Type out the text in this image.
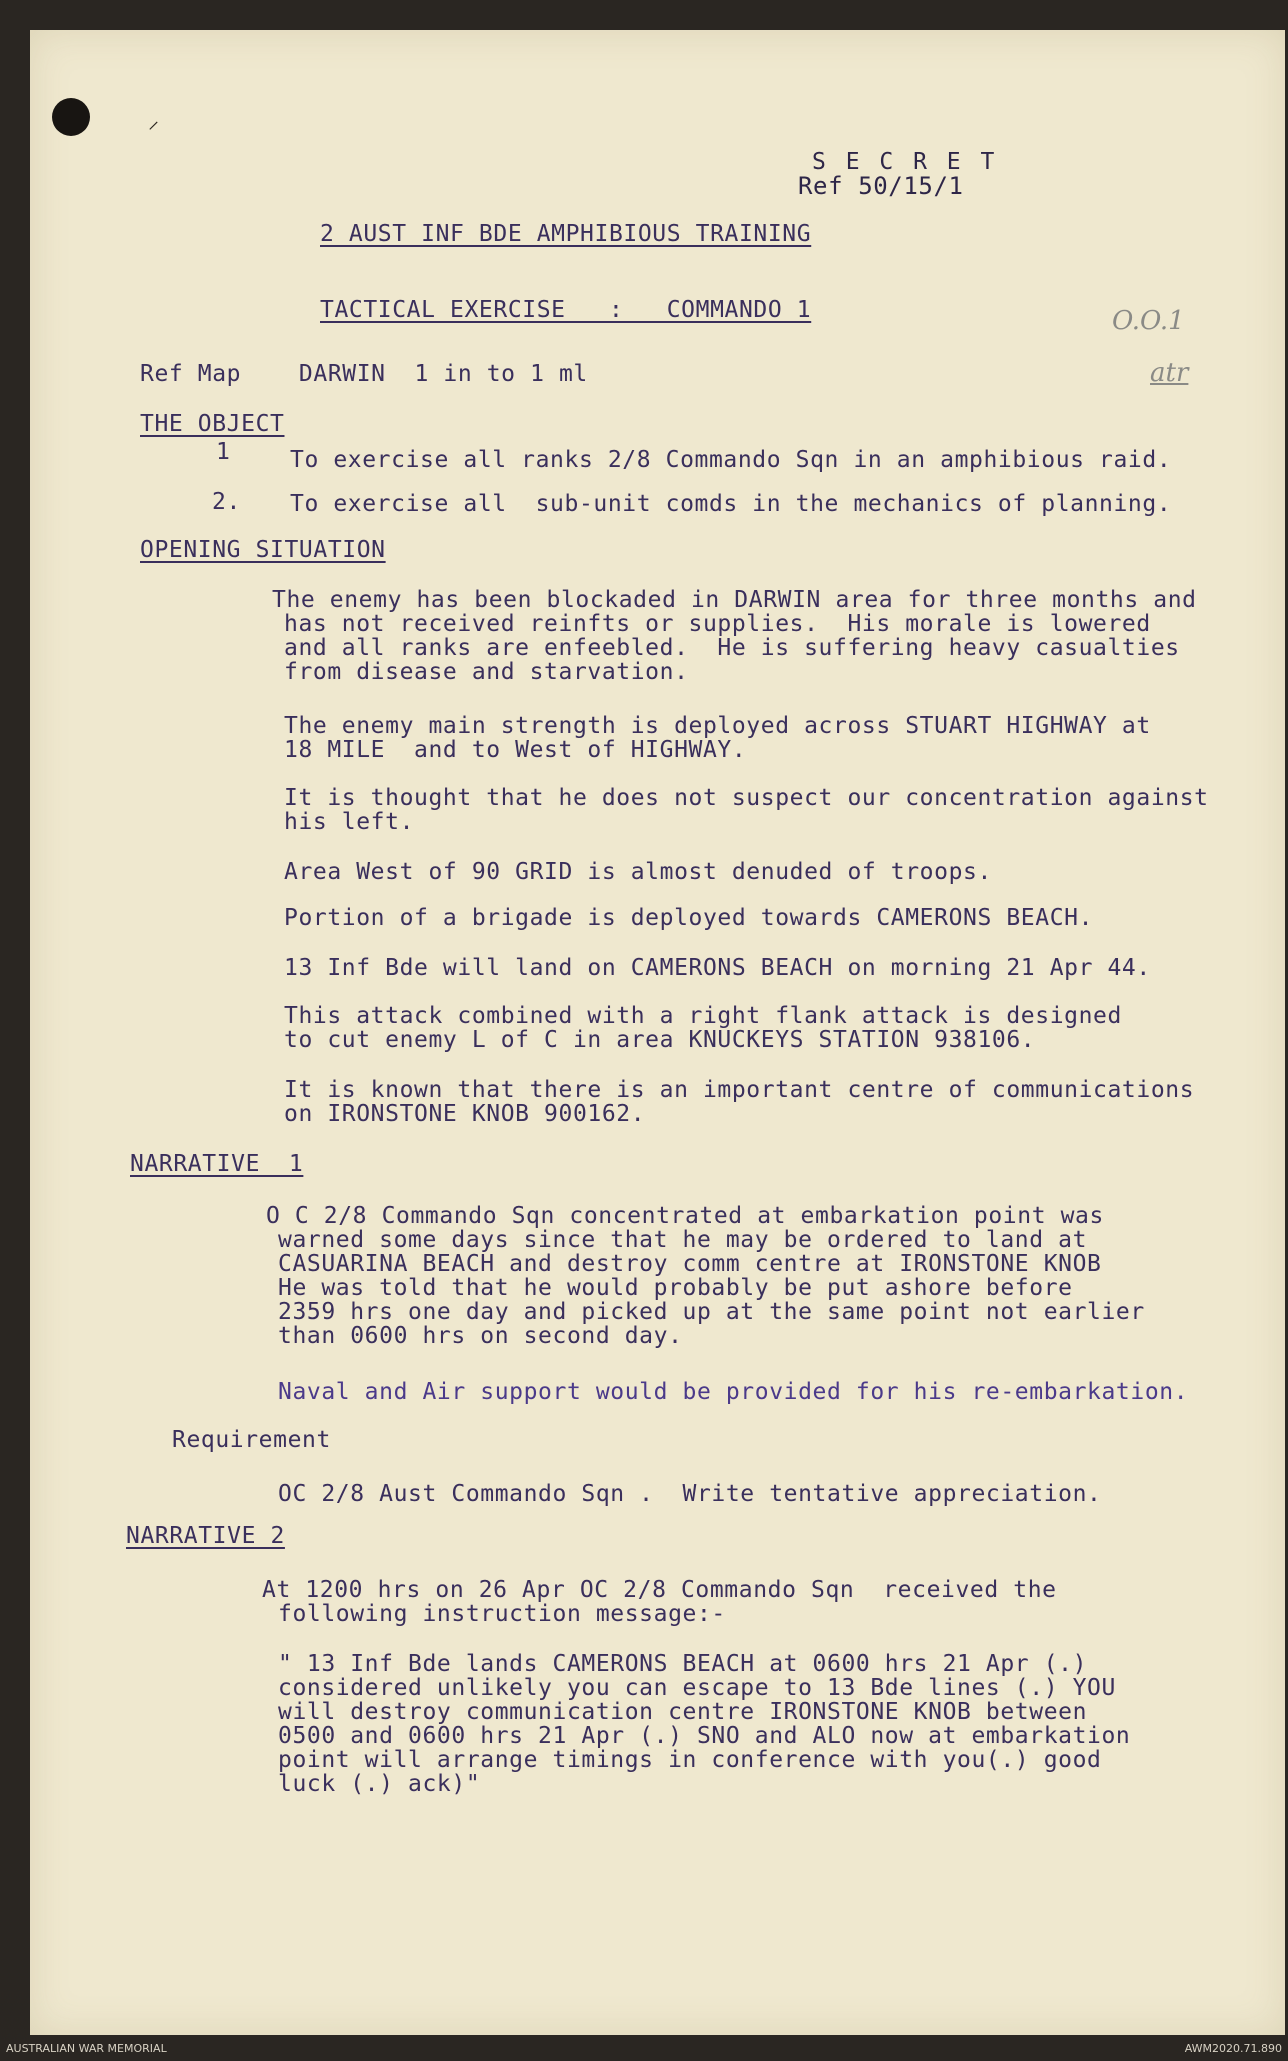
⸝
S E C R E T
Ref 50/15/1
2 AUST INF BDE AMPHIBIOUS TRAINING
TACTICAL EXERCISE   :   COMMANDO 1	O.O.1
atr
Ref Map    DARWIN  1 in to 1 ml
THE OBJECT
1	To exercise all ranks 2/8 Commando Sqn in an amphibious raid.
2. To exercise all  sub-unit comds in the mechanics of planning.
OPENING SITUATION
The enemy has been blockaded in DARWIN area for three months and
has not received reinfts or supplies.  His morale is lowered
and all ranks are enfeebled.  He is suffering heavy casualties
from disease and starvation.
The enemy main strength is deployed across STUART HIGHWAY at
18 MILE  and to West of HIGHWAY.
It is thought that he does not suspect our concentration against
his left.
Area West of 90 GRID is almost denuded of troops.
Portion of a brigade is deployed towards CAMERONS BEACH.
13 Inf Bde will land on CAMERONS BEACH on morning 21 Apr 44.
This attack combined with a right flank attack is designed
to cut enemy L of C in area KNUCKEYS STATION 938106.
It is known that there is an important centre of communications
on IRONSTONE KNOB 900162.
NARRATIVE  1
O C 2/8 Commando Sqn concentrated at embarkation point was
warned some days since that he may be ordered to land at
CASUARINA BEACH and destroy comm centre at IRONSTONE KNOB
He was told that he would probably be put ashore before
2359 hrs one day and picked up at the same point not earlier
than 0600 hrs on second day.
Naval and Air support would be provided for his re-embarkation.
Requirement
OC 2/8 Aust Commando Sqn .  Write tentative appreciation.
NARRATIVE 2
At 1200 hrs on 26 Apr OC 2/8 Commando Sqn  received the
following instruction message:-
" 13 Inf Bde lands CAMERONS BEACH at 0600 hrs 21 Apr (.)
considered unlikely you can escape to 13 Bde lines (.) YOU
will destroy communication centre IRONSTONE KNOB between
0500 and 0600 hrs 21 Apr (.) SNO and ALO now at embarkation
point will arrange timings in conference with you(.) good
luck (.) ack)"
AUSTRALIAN WAR MEMORIAL	AWM2020.71.890
